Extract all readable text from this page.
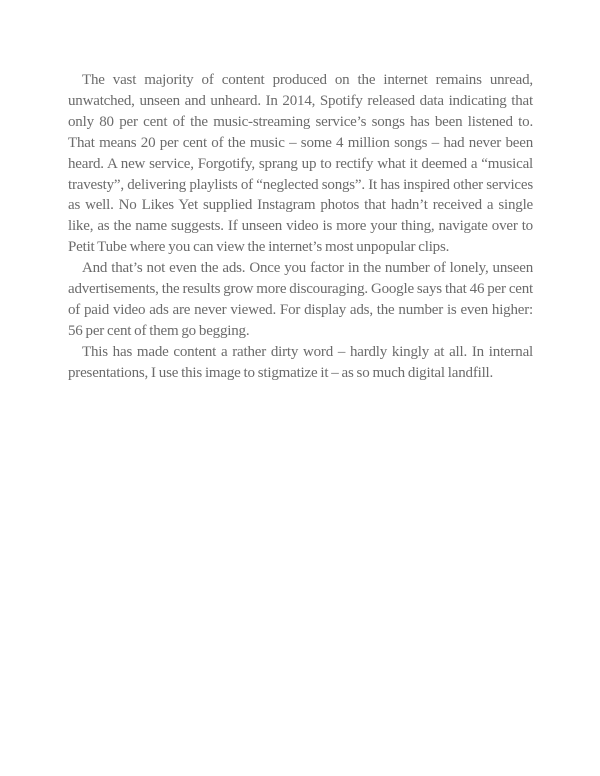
The vast majority of content produced on the internet remains unread, unwatched, unseen and unheard. In 2014, Spotify released data indicating that only 80 per cent of the music-streaming service’s songs has been listened to. That means 20 per cent of the music – some 4 million songs – had never been heard. A new service, Forgotify, sprang up to rectify what it deemed a “musical travesty”, delivering playlists of “neglected songs”. It has inspired other services as well. No Likes Yet supplied Instagram photos that hadn’t received a single like, as the name suggests. If unseen video is more your thing, navigate over to Petit Tube where you can view the internet’s most unpopular clips.

And that’s not even the ads. Once you factor in the number of lonely, unseen advertisements, the results grow more discouraging. Google says that 46 per cent of paid video ads are never viewed. For display ads, the number is even higher: 56 per cent of them go begging.

This has made content a rather dirty word – hardly kingly at all. In internal presentations, I use this image to stigmatize it – as so much digital landfill.
